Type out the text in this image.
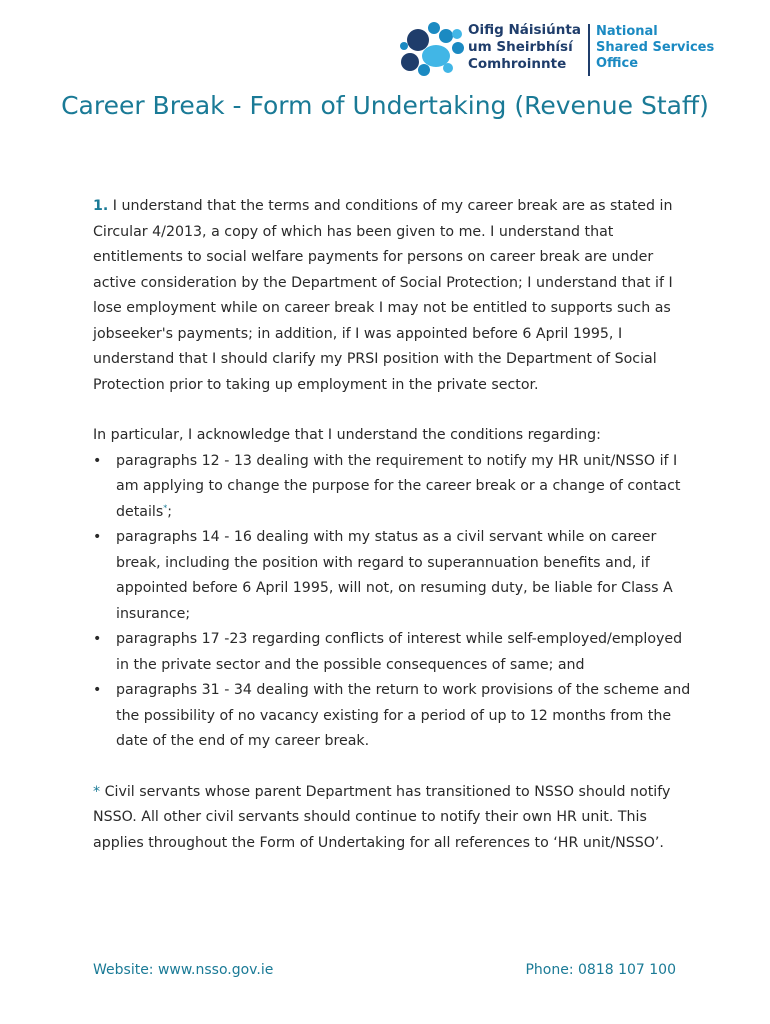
Oifig Náisiúnta
um Sheirbhísí
Comhroinnte
National
Shared Services
Office
Career Break - Form of Undertaking (Revenue Staff)

1. I understand that the terms and conditions of my career break are as stated in Circular 4/2013, a copy of which has been given to me. I understand that entitlements to social welfare payments for persons on career break are under active consideration by the Department of Social Protection; I understand that if I lose employment while on career break I may not be entitled to supports such as jobseeker's payments; in addition, if I was appointed before 6 April 1995, I understand that I should clarify my PRSI position with the Department of Social Protection prior to taking up employment in the private sector.

In particular, I acknowledge that I understand the conditions regarding:

• paragraphs 12 - 13 dealing with the requirement to notify my HR unit/NSSO if I am applying to change the purpose for the career break or a change of contact details*;
• paragraphs 14 - 16 dealing with my status as a civil servant while on career break, including the position with regard to superannuation benefits and, if appointed before 6 April 1995, will not, on resuming duty, be liable for Class A insurance;
• paragraphs 17 -23 regarding conflicts of interest while self-employed/employed in the private sector and the possible consequences of same; and
• paragraphs 31 - 34 dealing with the return to work provisions of the scheme and the possibility of no vacancy existing for a period of up to 12 months from the date of the end of my career break.

* Civil servants whose parent Department has transitioned to NSSO should notify NSSO. All other civil servants should continue to notify their own HR unit. This applies throughout the Form of Undertaking for all references to ‘HR unit/NSSO’.

Website: www.nsso.gov.ie	Phone: 0818 107 100
